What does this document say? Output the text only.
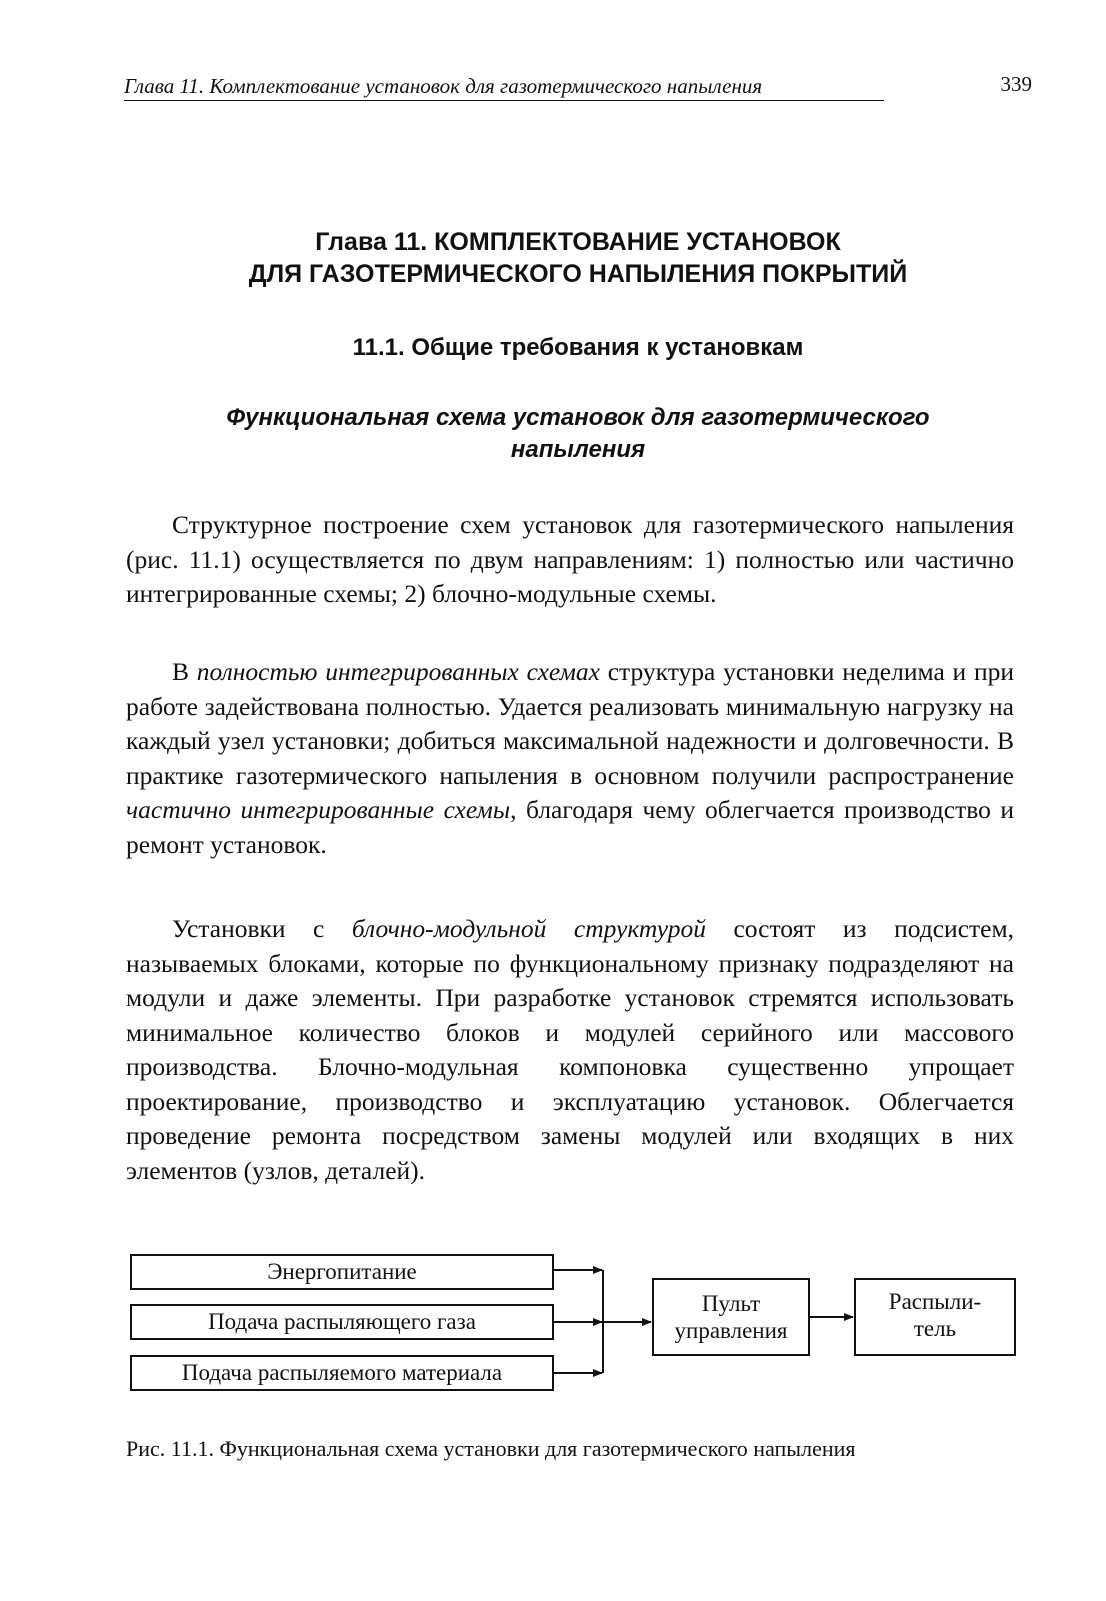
Глава 11. Комплектование установок для газотермического напыления	339
Глава 11. КОМПЛЕКТОВАНИЕ УСТАНОВОК
ДЛЯ ГАЗОТЕРМИЧЕСКОГО НАПЫЛЕНИЯ ПОКРЫТИЙ
11.1. Общие требования к установкам
Функциональная схема установок для газотермического
напыления
Структурное построение схем установок для газотермического напыления (рис. 11.1) осуществляется по двум направлениям: 1) полностью или частично интегрированные схемы; 2) блочно-модульные схемы.
В полностью интегрированных схемах структура установки неделима и при работе задействована полностью. Удается реализовать минимальную нагрузку на каждый узел установки; добиться максимальной надежности и долговечности. В практике газотермического напыления в основном получили распространение частично интегрированные схемы, благодаря чему облегчается производство и ремонт установок.
Установки с блочно-модульной структурой состоят из подсистем, называемых блоками, которые по функциональному признаку подразделяют на модули и даже элементы. При разработке установок стремятся использовать минимальное количество блоков и модулей серийного или массового производства. Блочно-модульная компоновка существенно упрощает проектирование, производство и эксплуатацию установок. Облегчается проведение ремонта посредством замены модулей или входящих в них элементов (узлов, деталей).
Энергопитание
Подача распыляющего газа
Подача распыляемого материала
Пульт
управления
Распыли-
тель
Рис. 11.1. Функциональная схема установки для газотермического напыления
